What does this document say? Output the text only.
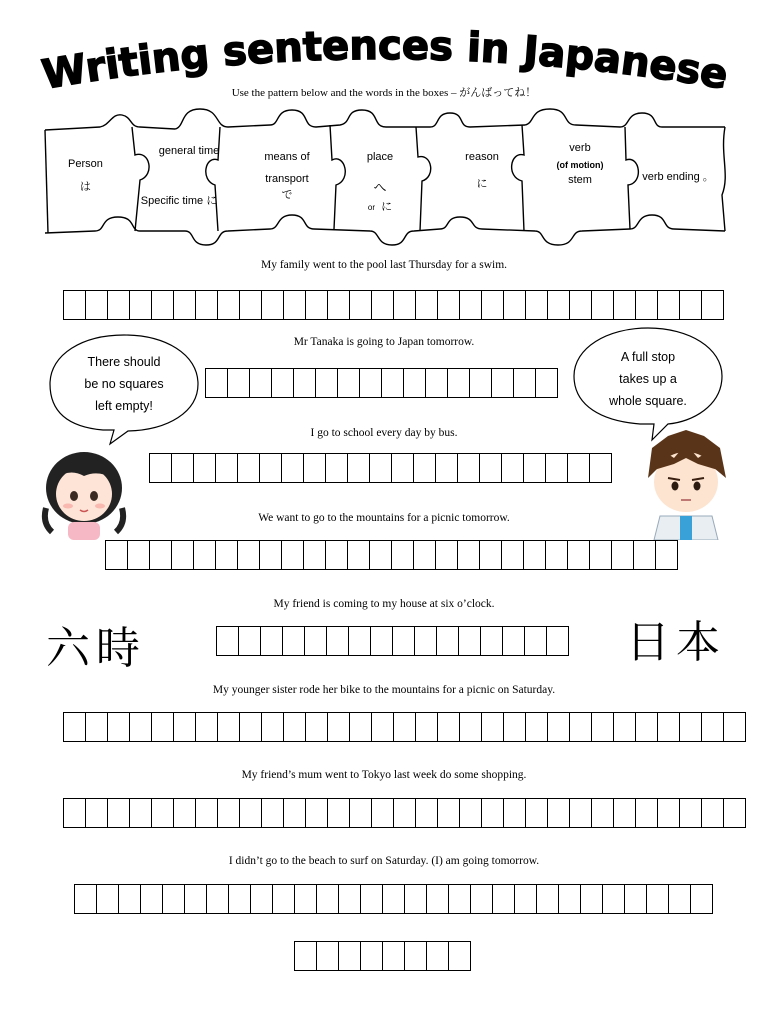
Writing sentences in Japanese
Use the pattern below and the words in the boxes – がんばってね！
Person
は
general time
Specific time に
means of
transport
で
place
へ
or に
reason
に
verb
(of motion)
stem	verb ending 。
There should
be no squares
left empty!
A full stop
takes up a
whole square.
六時	日本
My family went to the pool last Thursday for a swim.
Mr Tanaka is going to Japan tomorrow.
I go to school every day by bus.
We want to go to the mountains for a picnic tomorrow.
My friend is coming to my house at six o’clock.
My younger sister rode her bike to the mountains for a picnic on Saturday.
My friend’s mum went to Tokyo last week do some shopping.
I didn’t go to the beach to surf on Saturday. (I) am going tomorrow.
